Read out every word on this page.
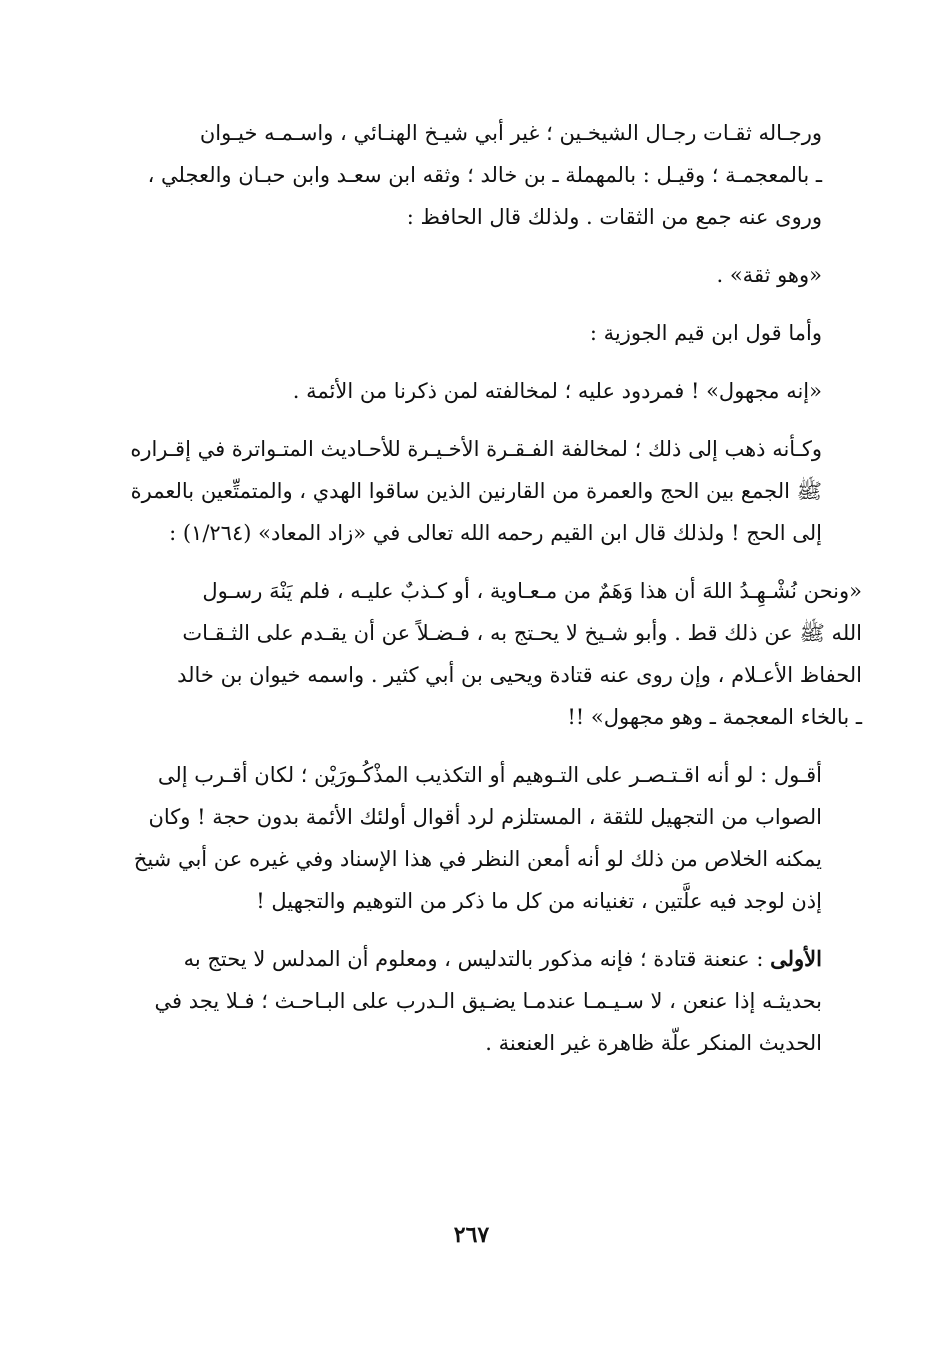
ورجـاله ثقـات رجـال الشيخـين ؛ غير أبي شيـخ الهنـائي ، واسـمـه خيـوان
ـ بالمعجمـة ؛ وقيـل : بالمهملة ـ بن خالد ؛ وثقه ابن سعـد وابن حبـان والعجلي ،
وروى عنه جمع من الثقات . ولذلك قال الحافظ :

«وهو ثقة» .

وأما قول ابن قيم الجوزية :

«إنه مجهول» ! فمردود عليه ؛ لمخالفته لمن ذكرنا من الأئمة .

وكـأنه ذهب إلى ذلك ؛ لمخالفة الفـقـرة الأخـيـرة للأحـاديث المتـواترة في إقـراره
ﷺ الجمع بين الحج والعمرة من القارنين الذين ساقوا الهدي ، والمتمتِّعين بالعمرة
إلى الحج ! ولذلك قال ابن القيم رحمه الله تعالى في «زاد المعاد» (١/٢٦٤) :

«ونحن نُشْـهِـدُ اللهَ أن هذا وَهَمٌ من مـعـاوية ، أو كـذبٌ عليـه ، فلم يَنْهَ رسـول
الله ﷺ عن ذلك قط . وأبو شـيخ لا يحـتج به ، فـضـلاً عن أن يقـدم على الثـقـات
الحفاظ الأعـلام ، وإن روى عنه قتادة ويحيى بن أبي كثير . واسمه خيوان بن خالد
ـ بالخاء المعجمة ـ وهو مجهول» !!

أقـول : لو أنه اقـتـصـر على التـوهيم أو التكذيب المذْكُـورَيْن ؛ لكان أقـرب إلى
الصواب من التجهيل للثقة ، المستلزم لرد أقوال أولئك الأئمة بدون حجة ! وكان
يمكنه الخلاص من ذلك لو أنه أمعن النظر في هذا الإسناد وفي غيره عن أبي شيخ
إذن لوجد فيه علَّتين ، تغنيانه من كل ما ذكر من التوهيم والتجهيل !

الأولى : عنعنة قتادة ؛ فإنه مذكور بالتدليس ، ومعلوم أن المدلس لا يحتج به
بحديثـه إذا عنعن ، لا سـيـمـا عندمـا يضـيق الـدرب على البـاحـث ؛ فـلا يجد في
الحديث المنكر علّة ظاهرة غير العنعنة .

٢٦٧
